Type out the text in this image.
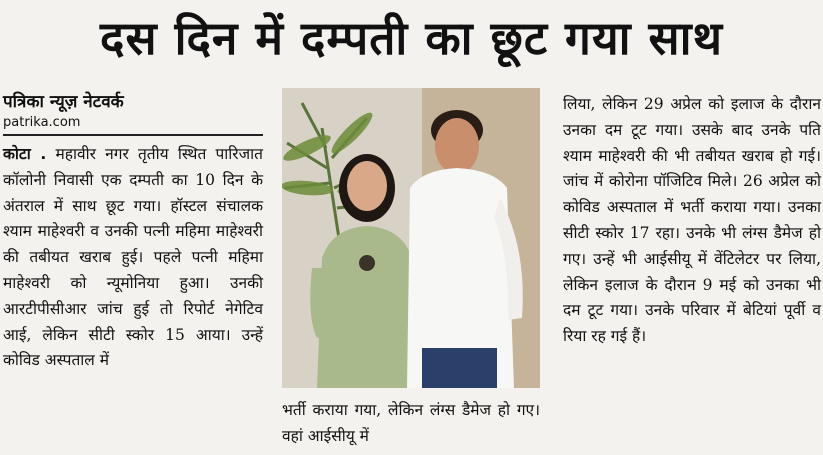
दस दिन में दम्पती का छूट गया साथ
पत्रिका न्यूज़ नेटवर्क
patrika.com

कोटा . महावीर नगर तृतीय स्थित पारिजात कॉलोनी निवासी एक दम्पती का 10 दिन के अंतराल में साथ छूट गया। हॉस्टल संचालक श्याम माहेश्वरी व उनकी पत्नी महिमा माहेश्वरी की तबीयत खराब हुई। पहले पत्नी महिमा माहेश्वरी को न्यूमोनिया हुआ। उनकी आरटीपीसीआर जांच हुई तो रिपोर्ट नेगेटिव आई, लेकिन सीटी स्कोर 15 आया। उन्हें कोविड अस्पताल में

भर्ती कराया गया, लेकिन लंग्स डैमेज हो गए। वहां आईसीयू में

लिया, लेकिन 29 अप्रेल को इलाज के दौरान उनका दम टूट गया। उसके बाद उनके पति श्याम माहेश्वरी की भी तबीयत खराब हो गई। जांच में कोरोना पॉजिटिव मिले। 26 अप्रेल को कोविड अस्पताल में भर्ती कराया गया। उनका सीटी स्कोर 17 रहा। उनके भी लंग्स डैमेज हो गए। उन्हें भी आईसीयू में वेंटिलेटर पर लिया, लेकिन इलाज के दौरान 9 मई को उनका भी दम टूट गया। उनके परिवार में बेटियां पूर्वी व रिया रह गई हैं।
